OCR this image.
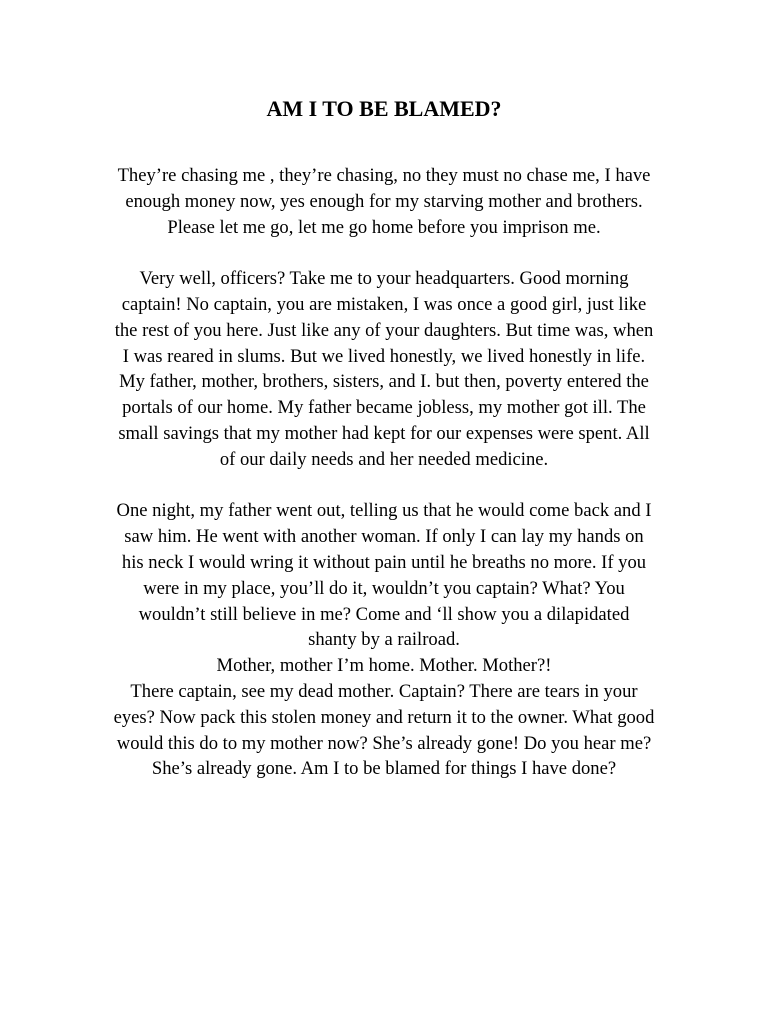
AM I TO BE BLAMED?

They’re chasing me , they’re chasing, no they must no chase me, I have
enough money now, yes enough for my starving mother and brothers.
Please let me go, let me go home before you imprison me.

Very well, officers? Take me to your headquarters. Good morning
captain! No captain, you are mistaken, I was once a good girl, just like
the rest of you here. Just like any of your daughters. But time was, when
I was reared in slums. But we lived honestly, we lived honestly in life.
My father, mother, brothers, sisters, and I. but then, poverty entered the
portals of our home. My father became jobless, my mother got ill. The
small savings that my mother had kept for our expenses were spent. All
of our daily needs and her needed medicine.

One night, my father went out, telling us that he would come back and I
saw him. He went with another woman. If only I can lay my hands on
his neck I would wring it without pain until he breaths no more. If you
were in my place, you’ll do it, wouldn’t you captain? What? You
wouldn’t still believe in me? Come and ‘ll show you a dilapidated
shanty by a railroad.
Mother, mother I’m home. Mother. Mother?!
There captain, see my dead mother. Captain? There are tears in your
eyes? Now pack this stolen money and return it to the owner. What good
would this do to my mother now? She’s already gone! Do you hear me?
She’s already gone. Am I to be blamed for things I have done?
